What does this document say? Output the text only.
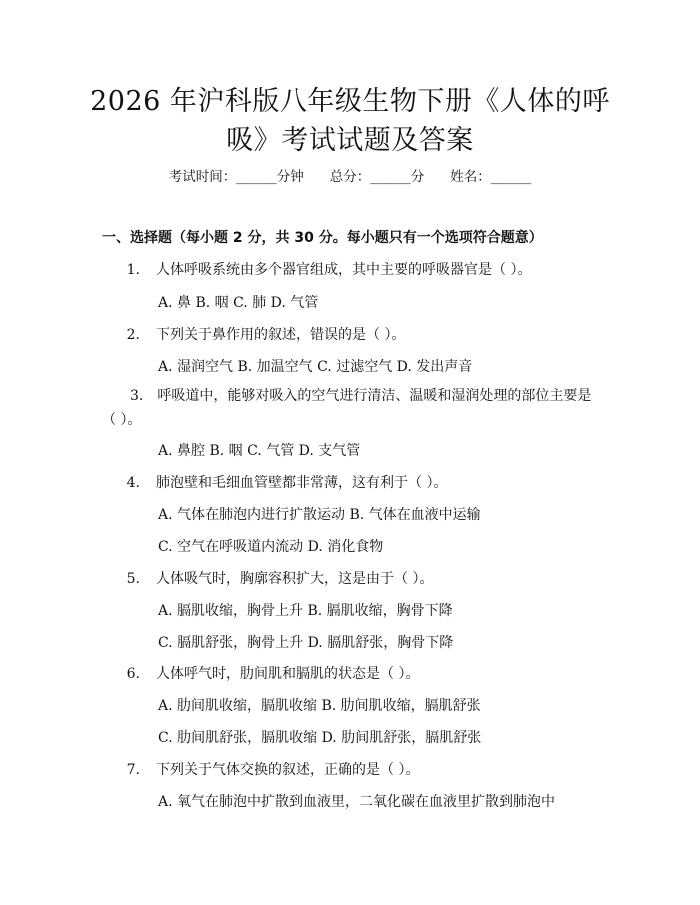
2026 年沪科版八年级生物下册《人体的呼
吸》考试试题及答案
考试时间：______分钟 总分：______分 姓名：______
一、选择题（每小题 2 分，共 30 分。每小题只有一个选项符合题意）
1. 人体呼吸系统由多个器官组成，其中主要的呼吸器官是（ ）。
A. 鼻 B. 咽 C. 肺 D. 气管
2. 下列关于鼻作用的叙述，错误的是（ ）。
A. 湿润空气 B. 加温空气 C. 过滤空气 D. 发出声音
3. 呼吸道中，能够对吸入的空气进行清洁、温暖和湿润处理的部位主要是（ ）。
A. 鼻腔 B. 咽 C. 气管 D. 支气管
4. 肺泡壁和毛细血管壁都非常薄，这有利于（ ）。
A. 气体在肺泡内进行扩散运动 B. 气体在血液中运输
C. 空气在呼吸道内流动 D. 消化食物
5. 人体吸气时，胸廓容积扩大，这是由于（ ）。
A. 膈肌收缩，胸骨上升 B. 膈肌收缩，胸骨下降
C. 膈肌舒张，胸骨上升 D. 膈肌舒张，胸骨下降
6. 人体呼气时，肋间肌和膈肌的状态是（ ）。
A. 肋间肌收缩，膈肌收缩 B. 肋间肌收缩，膈肌舒张
C. 肋间肌舒张，膈肌收缩 D. 肋间肌舒张，膈肌舒张
7. 下列关于气体交换的叙述，正确的是（ ）。
A. 氧气在肺泡中扩散到血液里，二氧化碳在血液里扩散到肺泡中
